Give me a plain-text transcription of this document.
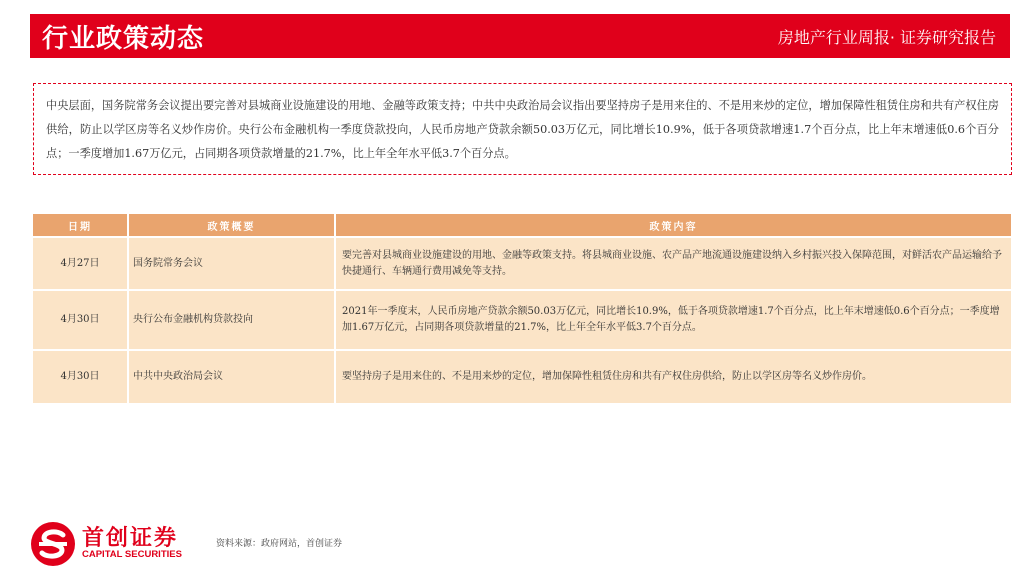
行业政策动态	房地产行业周报· 证券研究报告

中央层面，国务院常务会议提出要完善对县城商业设施建设的用地、金融等政策支持；中共中央政治局会议指出要坚持房子是用来住的、不是用来炒的定位，增加保障性租赁住房和共有产权住房供给，防止以学区房等名义炒作房价。央行公布金融机构一季度贷款投向，人民币房地产贷款余额50.03万亿元，同比增长10.9%，低于各项贷款增速1.7个百分点，比上年末增速低0.6个百分点；一季度增加1.67万亿元，占同期各项贷款增量的21.7%，比上年全年水平低3.7个百分点。

日期	政策概要	政策内容
4月27日	国务院常务会议	要完善对县城商业设施建设的用地、金融等政策支持。将县城商业设施、农产品产地流通设施建设纳入乡村振兴投入保障范围，对鲜活农产品运输给予快捷通行、车辆通行费用减免等支持。
4月30日	央行公布金融机构贷款投向	2021年一季度末，人民币房地产贷款余额50.03万亿元，同比增长10.9%，低于各项贷款增速1.7个百分点，比上年末增速低0.6个百分点；一季度增加1.67万亿元，占同期各项贷款增量的21.7%，比上年全年水平低3.7个百分点。
4月30日	中共中央政治局会议	要坚持房子是用来住的、不是用来炒的定位，增加保障性租赁住房和共有产权住房供给，防止以学区房等名义炒作房价。
首创证券
CAPITAL SECURITIES
资料来源：政府网站，首创证券
